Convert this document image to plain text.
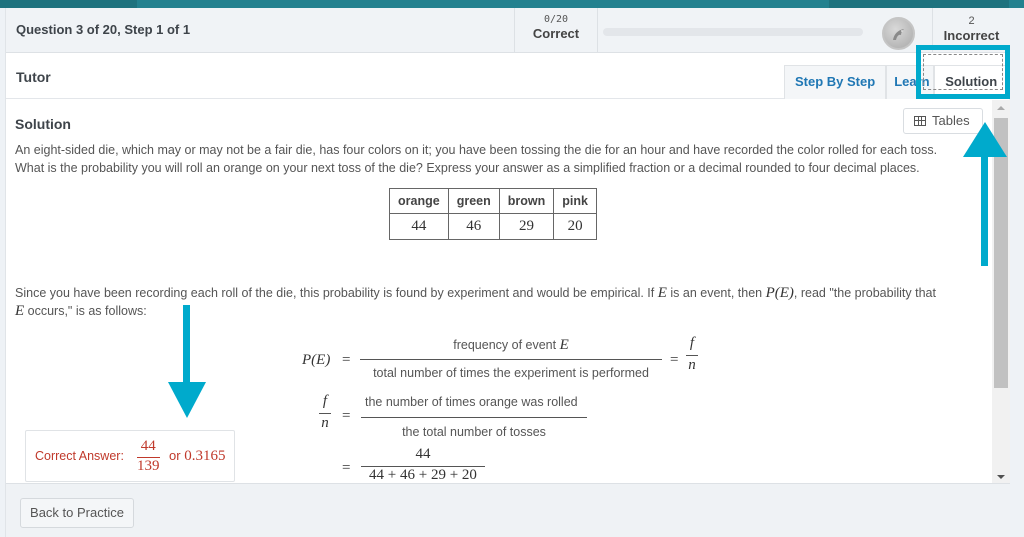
Question 3 of 20, Step 1 of 1
0/20
Correct
2
Incorrect
Tutor	Step By Step	Learn	Solution
Solution	Tables
An eight-sided die, which may or may not be a fair die, has four colors on it; you have been tossing the die for an hour and have recorded the color rolled for each toss.
What is the probability you will roll an orange on your next toss of the die? Express your answer as a simplified fraction or a decimal rounded to four decimal places.
orange	green	brown	pink
44	46	29	20
Since you have been recording each roll of the die, this probability is found by experiment and would be empirical. If E is an event, then P(E), read "the probability that
E occurs," is as follows:
P(E) =
frequency of event E
total number of times the experiment is performed
=
f
n
f
n =
the number of times orange was rolled
the total number of tosses
=
44
44 + 46 + 29 + 20
Correct Answer:
44
139
or 0.3165
Back to Practice
